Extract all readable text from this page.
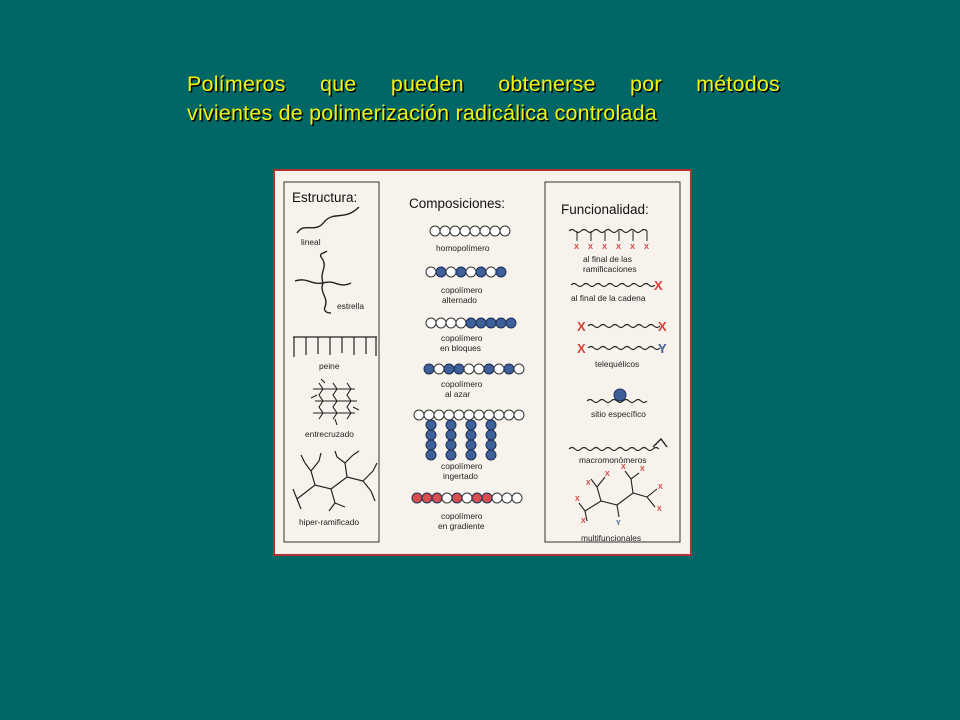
Polímeros que pueden obtenerse por métodos
vivientes de polimerización radicálica controlada
Estructura:	Composiciones:	Funcionalidad:
lineal
estrella
peine
entrecruzado
hiper-ramificado
homopolímero
copolímero
alternado
copolímero
en bloques
copolímero
al azar
copolímero
ingertado
copolímero
en gradiente
X X X X X X
al final de las
ramificaciones
X
al final de la cadena
X	X
X	Y
telequélicos
sitio específico
macromonómeros
X
X
X X
X
X
X
X	Y
multifuncionales
